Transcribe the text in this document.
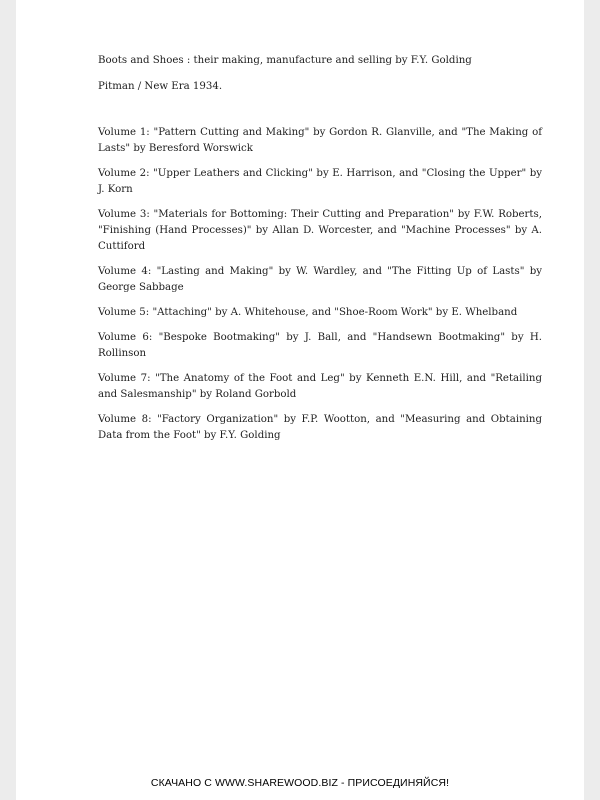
Boots and Shoes : their making, manufacture and selling by F.Y. Golding

Pitman / New Era 1934.

Volume 1: "Pattern Cutting and Making" by Gordon R. Glanville, and "The Making of Lasts" by Beresford Worswick
Volume 2: "Upper Leathers and Clicking" by E. Harrison, and "Closing the Upper" by J. Korn
Volume 3: "Materials for Bottoming: Their Cutting and Preparation" by F.W. Roberts, "Finishing (Hand Processes)" by Allan D. Worcester, and "Machine Processes" by A. Cuttiford
Volume 4: "Lasting and Making" by W. Wardley, and "The Fitting Up of Lasts" by George Sabbage
Volume 5: "Attaching" by A. Whitehouse, and "Shoe-Room Work" by E. Whelband
Volume 6: "Bespoke Bootmaking" by J. Ball, and "Handsewn Bootmaking" by H. Rollinson
Volume 7: "The Anatomy of the Foot and Leg" by Kenneth E.N. Hill, and "Retailing and Salesmanship" by Roland Gorbold
Volume 8: "Factory Organization" by F.P. Wootton, and "Measuring and Obtaining Data from the Foot" by F.Y. Golding
СКАЧАНО С WWW.SHAREWOOD.BIZ - ПРИСОЕДИНЯЙСЯ!
